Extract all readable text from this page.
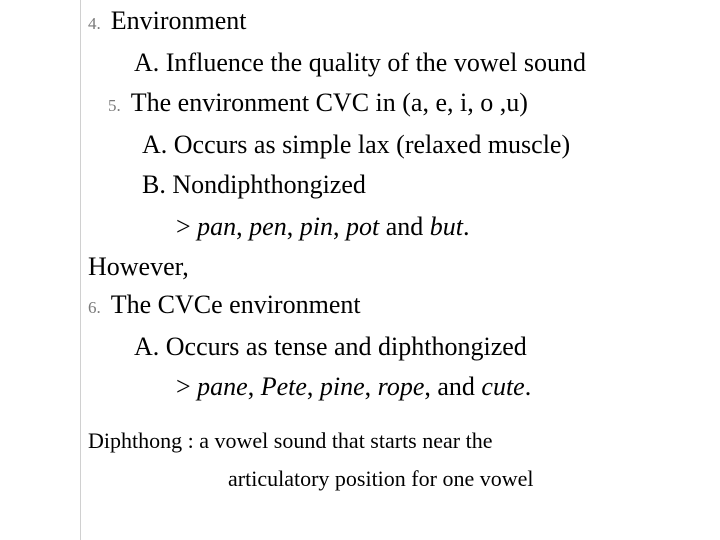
4. Environment
A. Influence the quality of the vowel sound
5. The environment CVC in (a, e, i, o ,u)
A. Occurs as simple lax (relaxed muscle)
B. Nondiphthongized
> pan, pen, pin, pot and but.
However,
6. The CVCe environment
A. Occurs as tense and diphthongized
> pane, Pete, pine, rope, and cute.
Diphthong : a vowel sound that starts near the
articulatory position for one vowel
